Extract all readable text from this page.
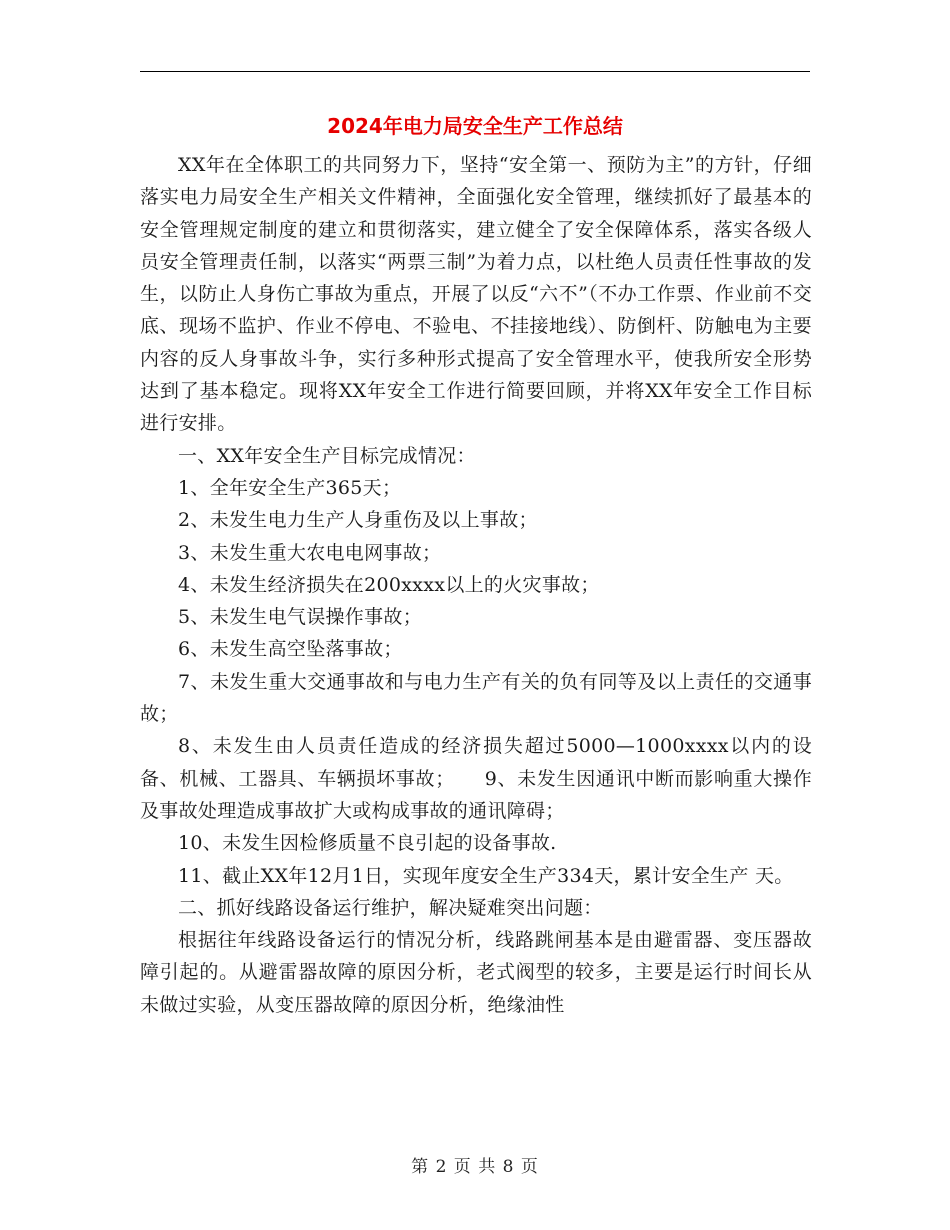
2024年电力局安全生产工作总结

XX年在全体职工的共同努力下，坚持“安全第一、预防为主”的方针，仔细落实电力局安全生产相关文件精神，全面强化安全管理，继续抓好了最基本的安全管理规定制度的建立和贯彻落实，建立健全了安全保障体系，落实各级人员安全管理责任制，以落实“两票三制”为着力点，以杜绝人员责任性事故的发生，以防止人身伤亡事故为重点，开展了以反“六不”（不办工作票、作业前不交底、现场不监护、作业不停电、不验电、不挂接地线）、防倒杆、防触电为主要内容的反人身事故斗争，实行多种形式提高了安全管理水平，使我所安全形势达到了基本稳定。现将XX年安全工作进行简要回顾，并将XX年安全工作目标进行安排。

一、XX年安全生产目标完成情况：

1、全年安全生产365天；

2、未发生电力生产人身重伤及以上事故；

3、未发生重大农电电网事故；

4、未发生经济损失在200xxxx以上的火灾事故；

5、未发生电气误操作事故；

6、未发生高空坠落事故；

7、未发生重大交通事故和与电力生产有关的负有同等及以上责任的交通事故；

8、未发生由人员责任造成的经济损失超过5000—1000xxxx以内的设备、机械、工器具、车辆损坏事故；　　9、未发生因通讯中断而影响重大操作及事故处理造成事故扩大或构成事故的通讯障碍；

10、未发生因检修质量不良引起的设备事故.

11、截止XX年12月1日，实现年度安全生产334天，累计安全生产 天。

二、抓好线路设备运行维护，解决疑难突出问题：

根据往年线路设备运行的情况分析，线路跳闸基本是由避雷器、变压器故障引起的。从避雷器故障的原因分析，老式阀型的较多，主要是运行时间长从未做过实验，从变压器故障的原因分析，绝缘油性

第 2 页 共 8 页
